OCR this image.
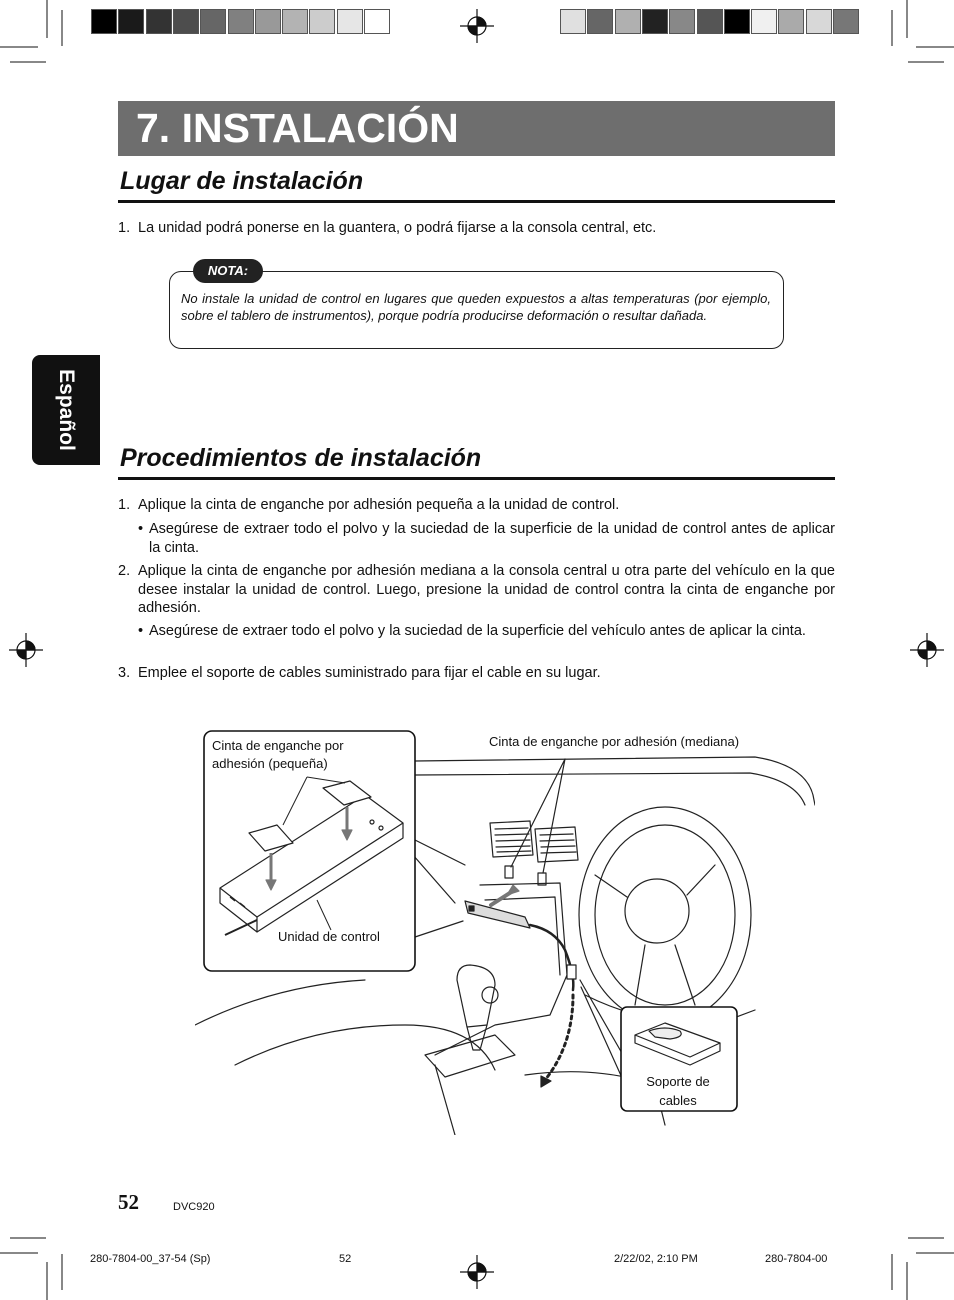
7. INSTALACIÓN
Español
Lugar de instalación
1. La unidad podrá ponerse en la guantera, o podrá fijarse a la consola central, etc.
NOTA:
No instale la unidad de control en lugares que queden expuestos a altas temperaturas (por ejemplo, sobre el tablero de instrumentos), porque podría producirse deformación o resultar dañada.
Procedimientos de instalación
1. Aplique la cinta de enganche por adhesión pequeña a la unidad de control.
• Asegúrese de extraer todo el polvo y la suciedad de la superficie de la unidad de control antes de aplicar la cinta.
2. Aplique la cinta de enganche por adhesión mediana a la consola central u otra parte del vehículo en la que desee instalar la unidad de control. Luego, presione la unidad de control contra la cinta de enganche por adhesión.
• Asegúrese de extraer todo el polvo y la suciedad de la superficie del vehículo antes de aplicar la cinta.
3. Emplee el soporte de cables suministrado para fijar el cable en su lugar.
Cinta de enganche por
adhesión (pequeña)
Cinta de enganche por adhesión (mediana)
Unidad de control
Soporte de
cables
52	DVC920
280-7804-00_37-54 (Sp)	52	2/22/02, 2:10 PM	280-7804-00
